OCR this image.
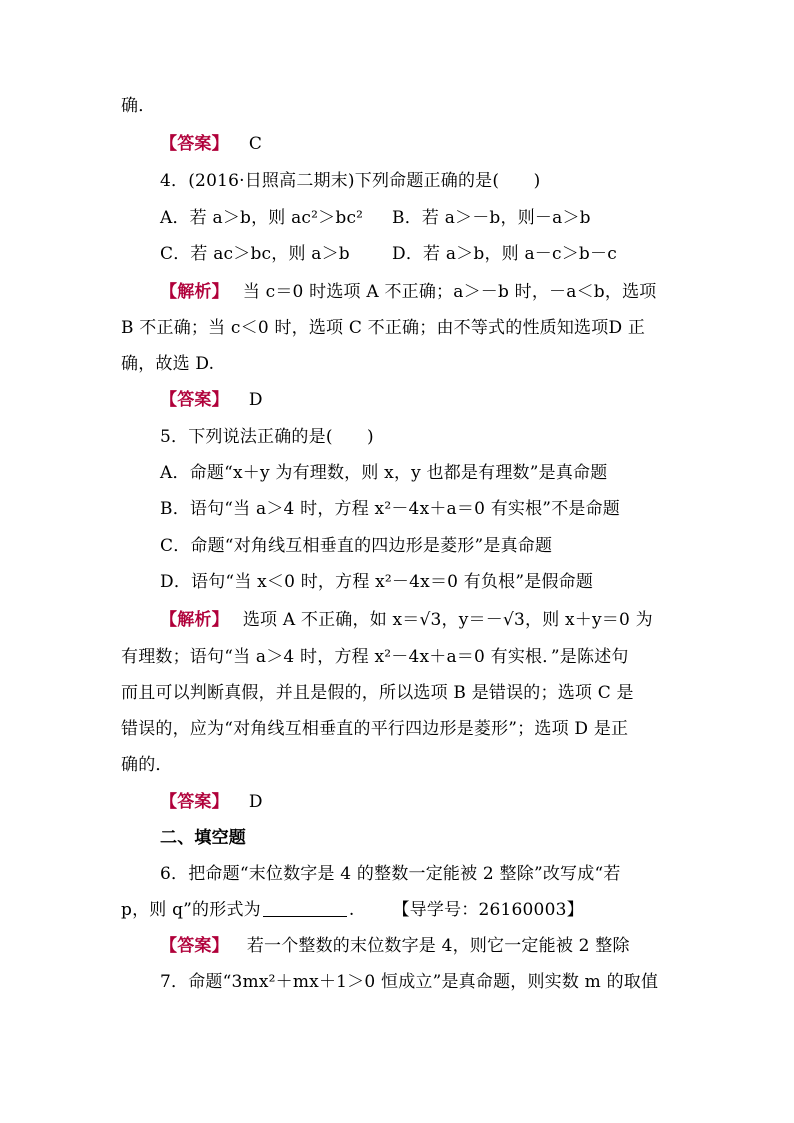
确．
【答案】 C
4．(2016·日照高二期末)下列命题正确的是(　　)
A．若 a＞b，则 ac²＞bc² B．若 a＞－b，则－a＞b
C．若 ac＞bc，则 a＞b D．若 a＞b，则 a－c＞b－c
【解析】 当 c＝0 时选项 A 不正确；a＞－b 时，－a＜b，选项
B 不正确；当 c＜0 时，选项 C 不正确；由不等式的性质知选项D 正
确，故选 D.
【答案】 D
5．下列说法正确的是(　　)
A．命题“x＋y 为有理数，则 x，y 也都是有理数”是真命题
B．语句“当 a＞4 时，方程 x²－4x＋a＝0 有实根”不是命题
C．命题“对角线互相垂直的四边形是菱形”是真命题
D．语句“当 x＜0 时，方程 x²－4x＝0 有负根”是假命题
【解析】 选项 A 不正确，如 x＝√3，y＝－√3，则 x＋y＝0 为
有理数；语句“当 a＞4 时，方程 x²－4x＋a＝0 有实根．”是陈述句
而且可以判断真假，并且是假的，所以选项 B 是错误的；选项 C 是
错误的，应为“对角线互相垂直的平行四边形是菱形”；选项 D 是正
确的．
【答案】 D
二、填空题
6．把命题“末位数字是 4 的整数一定能被 2 整除”改写成“若
p，则 q”的形式为	. 【导学号：26160003】
【答案】 若一个整数的末位数字是 4，则它一定能被 2 整除
7．命题“3mx²＋mx＋1＞0 恒成立”是真命题，则实数 m 的取值
